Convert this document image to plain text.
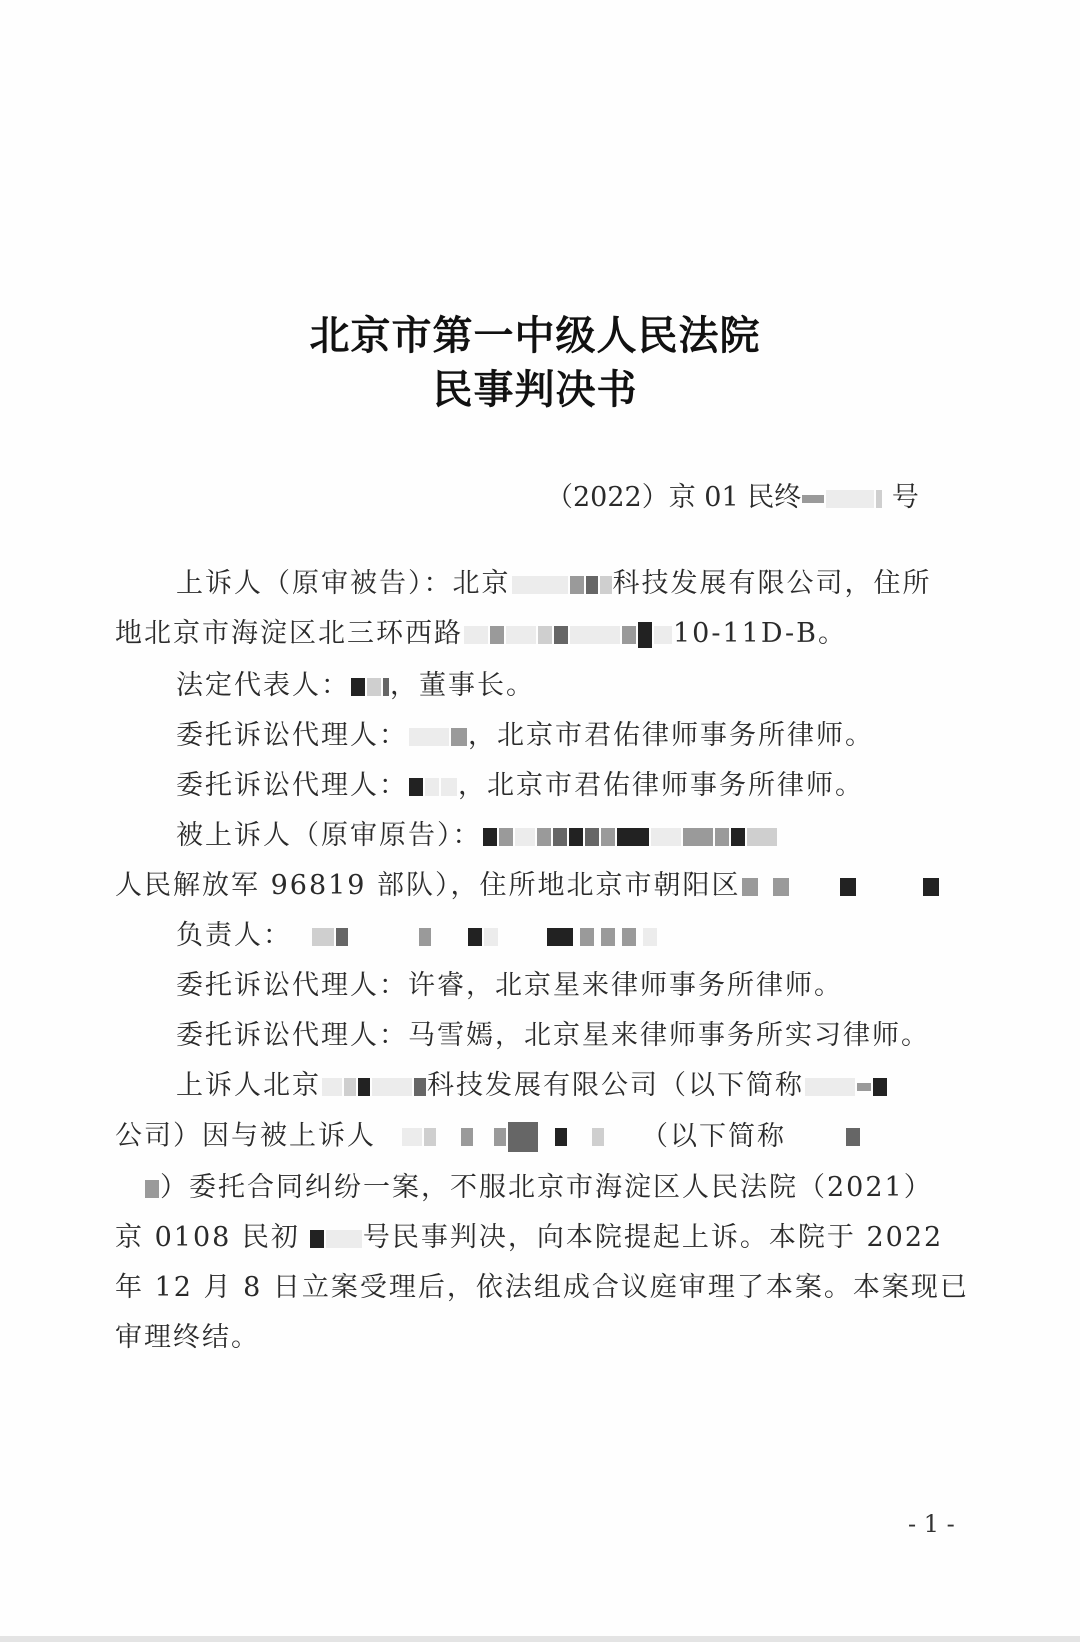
北京市第一中级人民法院
民事判决书
（2022）京 01 民终	号
上诉人（原审被告）：北京	科技发展有限公司，住所
地北京市海淀区北三环西路	10-11D-B。
法定代表人： ，董事长。
委托诉讼代理人： ，北京市君佑律师事务所律师。
委托诉讼代理人： ，北京市君佑律师事务所律师。
被上诉人（原审原告）：
人民解放军 96819 部队），住所地北京市朝阳区
负责人：
委托诉讼代理人：许睿，北京星来律师事务所律师。
委托诉讼代理人：马雪嫣，北京星来律师事务所实习律师。
上诉人北京	科技发展有限公司（以下简称
公司）因与被上诉人	（以下简称
）委托合同纠纷一案，不服北京市海淀区人民法院（2021）
京 0108 民初 号民事判决，向本院提起上诉。本院于 2022
年 12 月 8 日立案受理后，依法组成合议庭审理了本案。本案现已
审理终结。
- 1 -
